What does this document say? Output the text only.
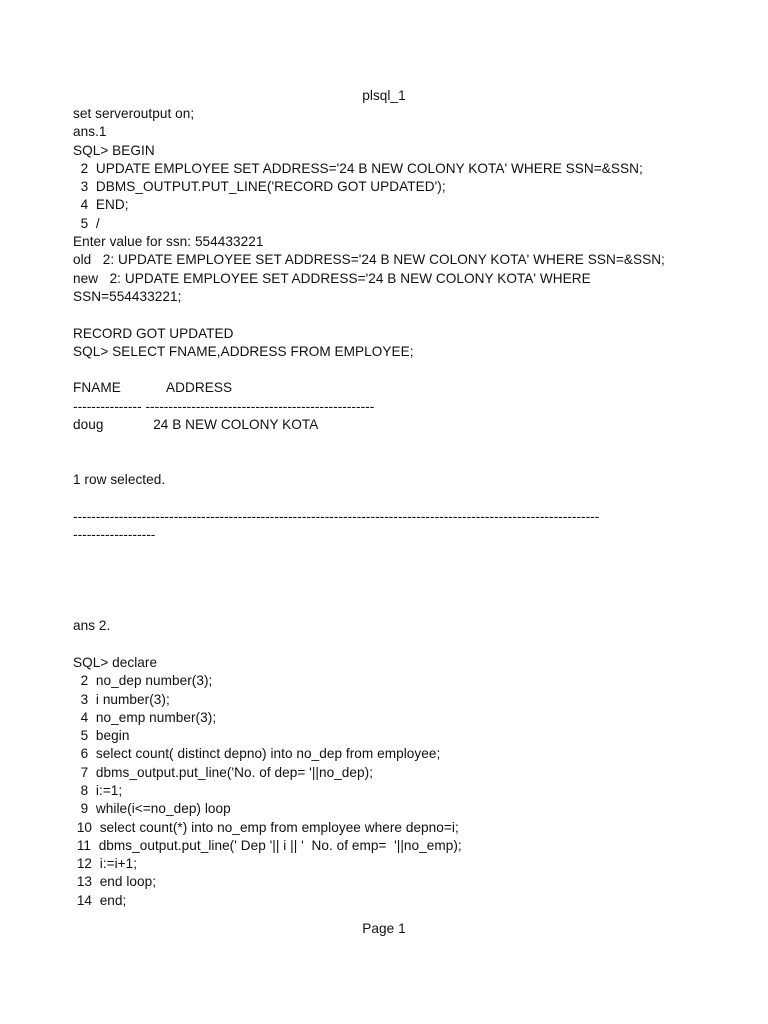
plsql_1
set serveroutput on;
ans.1
SQL> BEGIN
2  UPDATE EMPLOYEE SET ADDRESS='24 B NEW COLONY KOTA' WHERE SSN=&SSN;
3  DBMS_OUTPUT.PUT_LINE('RECORD GOT UPDATED');
4  END;
5  /
Enter value for ssn: 554433221
old   2: UPDATE EMPLOYEE SET ADDRESS='24 B NEW COLONY KOTA' WHERE SSN=&SSN;
new   2: UPDATE EMPLOYEE SET ADDRESS='24 B NEW COLONY KOTA' WHERE
SSN=554433221;
RECORD GOT UPDATED
SQL> SELECT FNAME,ADDRESS FROM EMPLOYEE;
FNAME            ADDRESS
--------------- --------------------------------------------------
doug             24 B NEW COLONY KOTA
1 row selected.
-------------------------------------------------------------------------------------------------------------------
------------------
ans 2.
SQL> declare
2  no_dep number(3);
3  i number(3);
4  no_emp number(3);
5  begin
6  select count( distinct depno) into no_dep from employee;
7  dbms_output.put_line('No. of dep= '||no_dep);
8  i:=1;
9  while(i<=no_dep) loop
10  select count(*) into no_emp from employee where depno=i;
11  dbms_output.put_line(' Dep '|| i || '  No. of emp=  '||no_emp);
12  i:=i+1;
13  end loop;
14  end;
Page 1
